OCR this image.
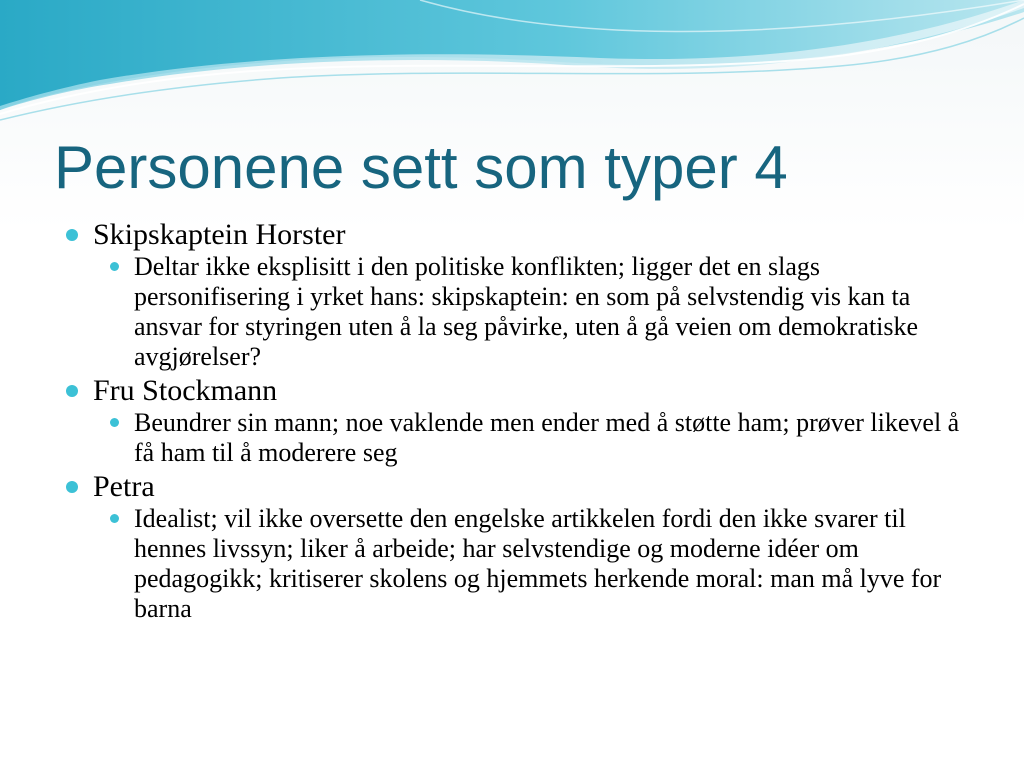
Personene sett som typer 4

Skipskaptein Horster

Deltar ikke eksplisitt i den politiske konflikten; ligger det en slags personifisering i yrket hans: skipskaptein: en som på selvstendig vis kan ta ansvar for styringen uten å la seg påvirke, uten å gå veien om demokratiske avgjørelser?

Fru Stockmann

Beundrer sin mann; noe vaklende men ender med å støtte ham; prøver likevel å få ham til å moderere seg

Petra

Idealist; vil ikke oversette den engelske artikkelen fordi den ikke svarer til hennes livssyn; liker å arbeide; har selvstendige og moderne idéer om pedagogikk; kritiserer skolens og hjemmets herkende moral: man må lyve for barna
